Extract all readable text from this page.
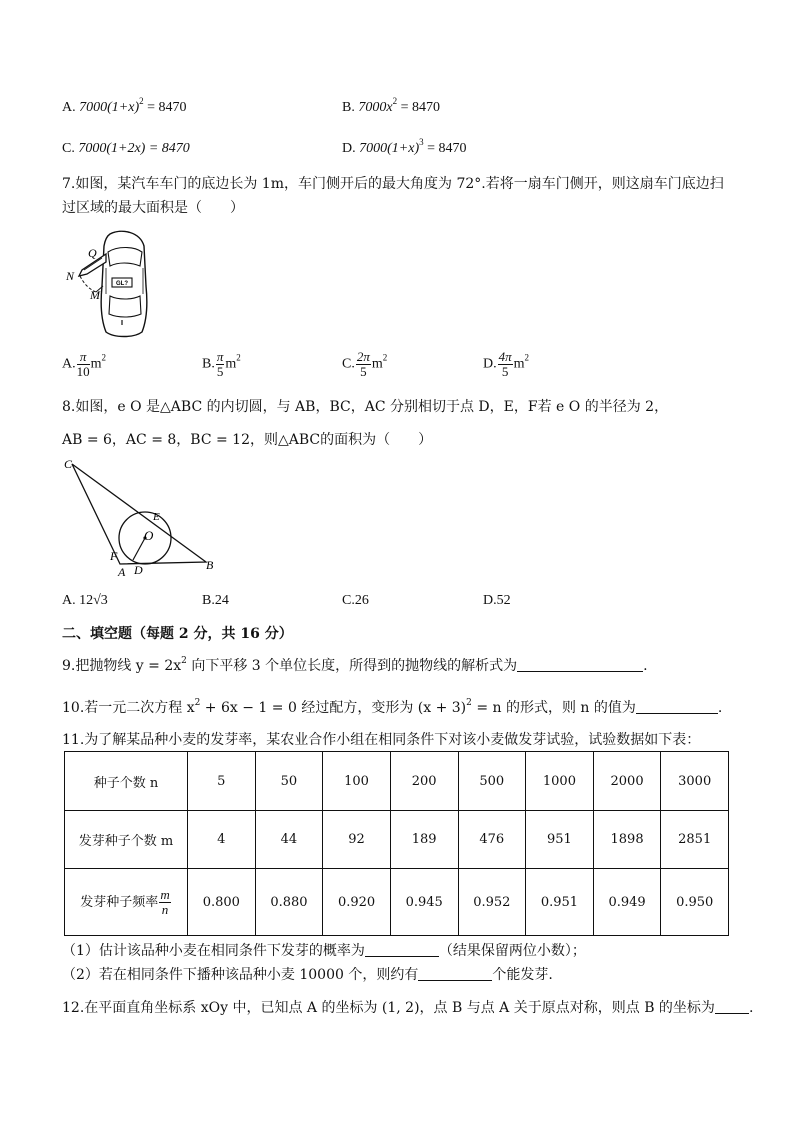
A. $7000(1+x)^2 = 8470$	B. $7000x^2 = 8470$
C. 7000(1+2x) = 8470	D. $7000(1+x)^3 = 8470$
7.如图，某汽车车门的底边长为 1m，车门侧开后的最大角度为 72°.若将一扇车门侧开，则这扇车门底边扫
过区域的最大面积是（　　）
GL?
Q
N
M
A. $\frac{\pi}{10} m^2$	B. $\frac{\pi}{5} m^2$	C. $\frac{2\pi}{5} m^2$	D. $\frac{4\pi}{5} m^2$
8.如图，e O 是△ABC 的内切圆，与 AB，BC，AC 分别相切于点 D，E，F若 e O 的半径为 2，
AB = 6，AC = 8，BC = 12，则△ABC的面积为（　　）
C
E
O
F
A D	B
A. 12√3	B.24	C.26	D.52
二、填空题（每题 2 分，共 16 分）
9.把抛物线 $y = 2x^2$ 向下平移 3 个单位长度，所得到的抛物线的解析式为	.
10.若一元二次方程 $x^2 + 6x - 1 = 0$ 经过配方，变形为 $(x + 3)^2 = n$ 的形式，则 n 的值为	.
11.为了解某品种小麦的发芽率，某农业合作小组在相同条件下对该小麦做发芽试验，试验数据如下表：
种子个数 n	5	50	100	200	500	1000	2000	3000
发芽种子个数 m	4	44	92	189	476	951	1898	2851
发芽种子频率 $\frac{m}{n}$	0.800	0.880	0.920	0.945	0.952	0.951	0.949	0.950
（1）估计该品种小麦在相同条件下发芽的概率为	（结果保留两位小数）；
（2）若在相同条件下播种该品种小麦 10000 个，则约有	个能发芽.
12.在平面直角坐标系 xOy 中，已知点 A 的坐标为 (1, 2)，点 B 与点 A 关于原点对称，则点 B 的坐标为 .
